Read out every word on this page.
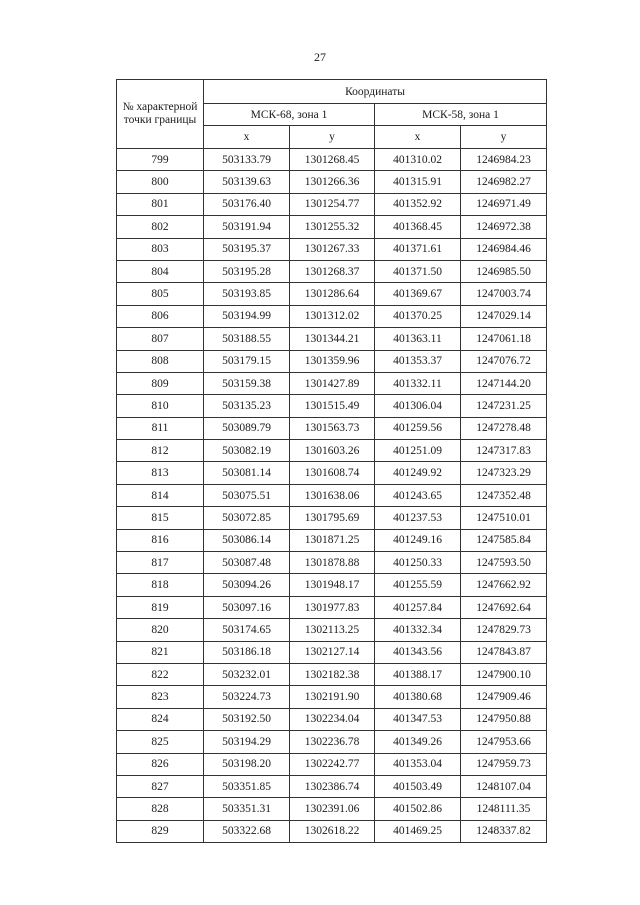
27
№ характерной точки границы	Координаты			
	МСК-68, зона 1		МСК-58, зона 1	
	x	y	x	y
799	503133.79	1301268.45	401310.02	1246984.23
800	503139.63	1301266.36	401315.91	1246982.27
801	503176.40	1301254.77	401352.92	1246971.49
802	503191.94	1301255.32	401368.45	1246972.38
803	503195.37	1301267.33	401371.61	1246984.46
804	503195.28	1301268.37	401371.50	1246985.50
805	503193.85	1301286.64	401369.67	1247003.74
806	503194.99	1301312.02	401370.25	1247029.14
807	503188.55	1301344.21	401363.11	1247061.18
808	503179.15	1301359.96	401353.37	1247076.72
809	503159.38	1301427.89	401332.11	1247144.20
810	503135.23	1301515.49	401306.04	1247231.25
811	503089.79	1301563.73	401259.56	1247278.48
812	503082.19	1301603.26	401251.09	1247317.83
813	503081.14	1301608.74	401249.92	1247323.29
814	503075.51	1301638.06	401243.65	1247352.48
815	503072.85	1301795.69	401237.53	1247510.01
816	503086.14	1301871.25	401249.16	1247585.84
817	503087.48	1301878.88	401250.33	1247593.50
818	503094.26	1301948.17	401255.59	1247662.92
819	503097.16	1301977.83	401257.84	1247692.64
820	503174.65	1302113.25	401332.34	1247829.73
821	503186.18	1302127.14	401343.56	1247843.87
822	503232.01	1302182.38	401388.17	1247900.10
823	503224.73	1302191.90	401380.68	1247909.46
824	503192.50	1302234.04	401347.53	1247950.88
825	503194.29	1302236.78	401349.26	1247953.66
826	503198.20	1302242.77	401353.04	1247959.73
827	503351.85	1302386.74	401503.49	1248107.04
828	503351.31	1302391.06	401502.86	1248111.35
829	503322.68	1302618.22	401469.25	1248337.82
